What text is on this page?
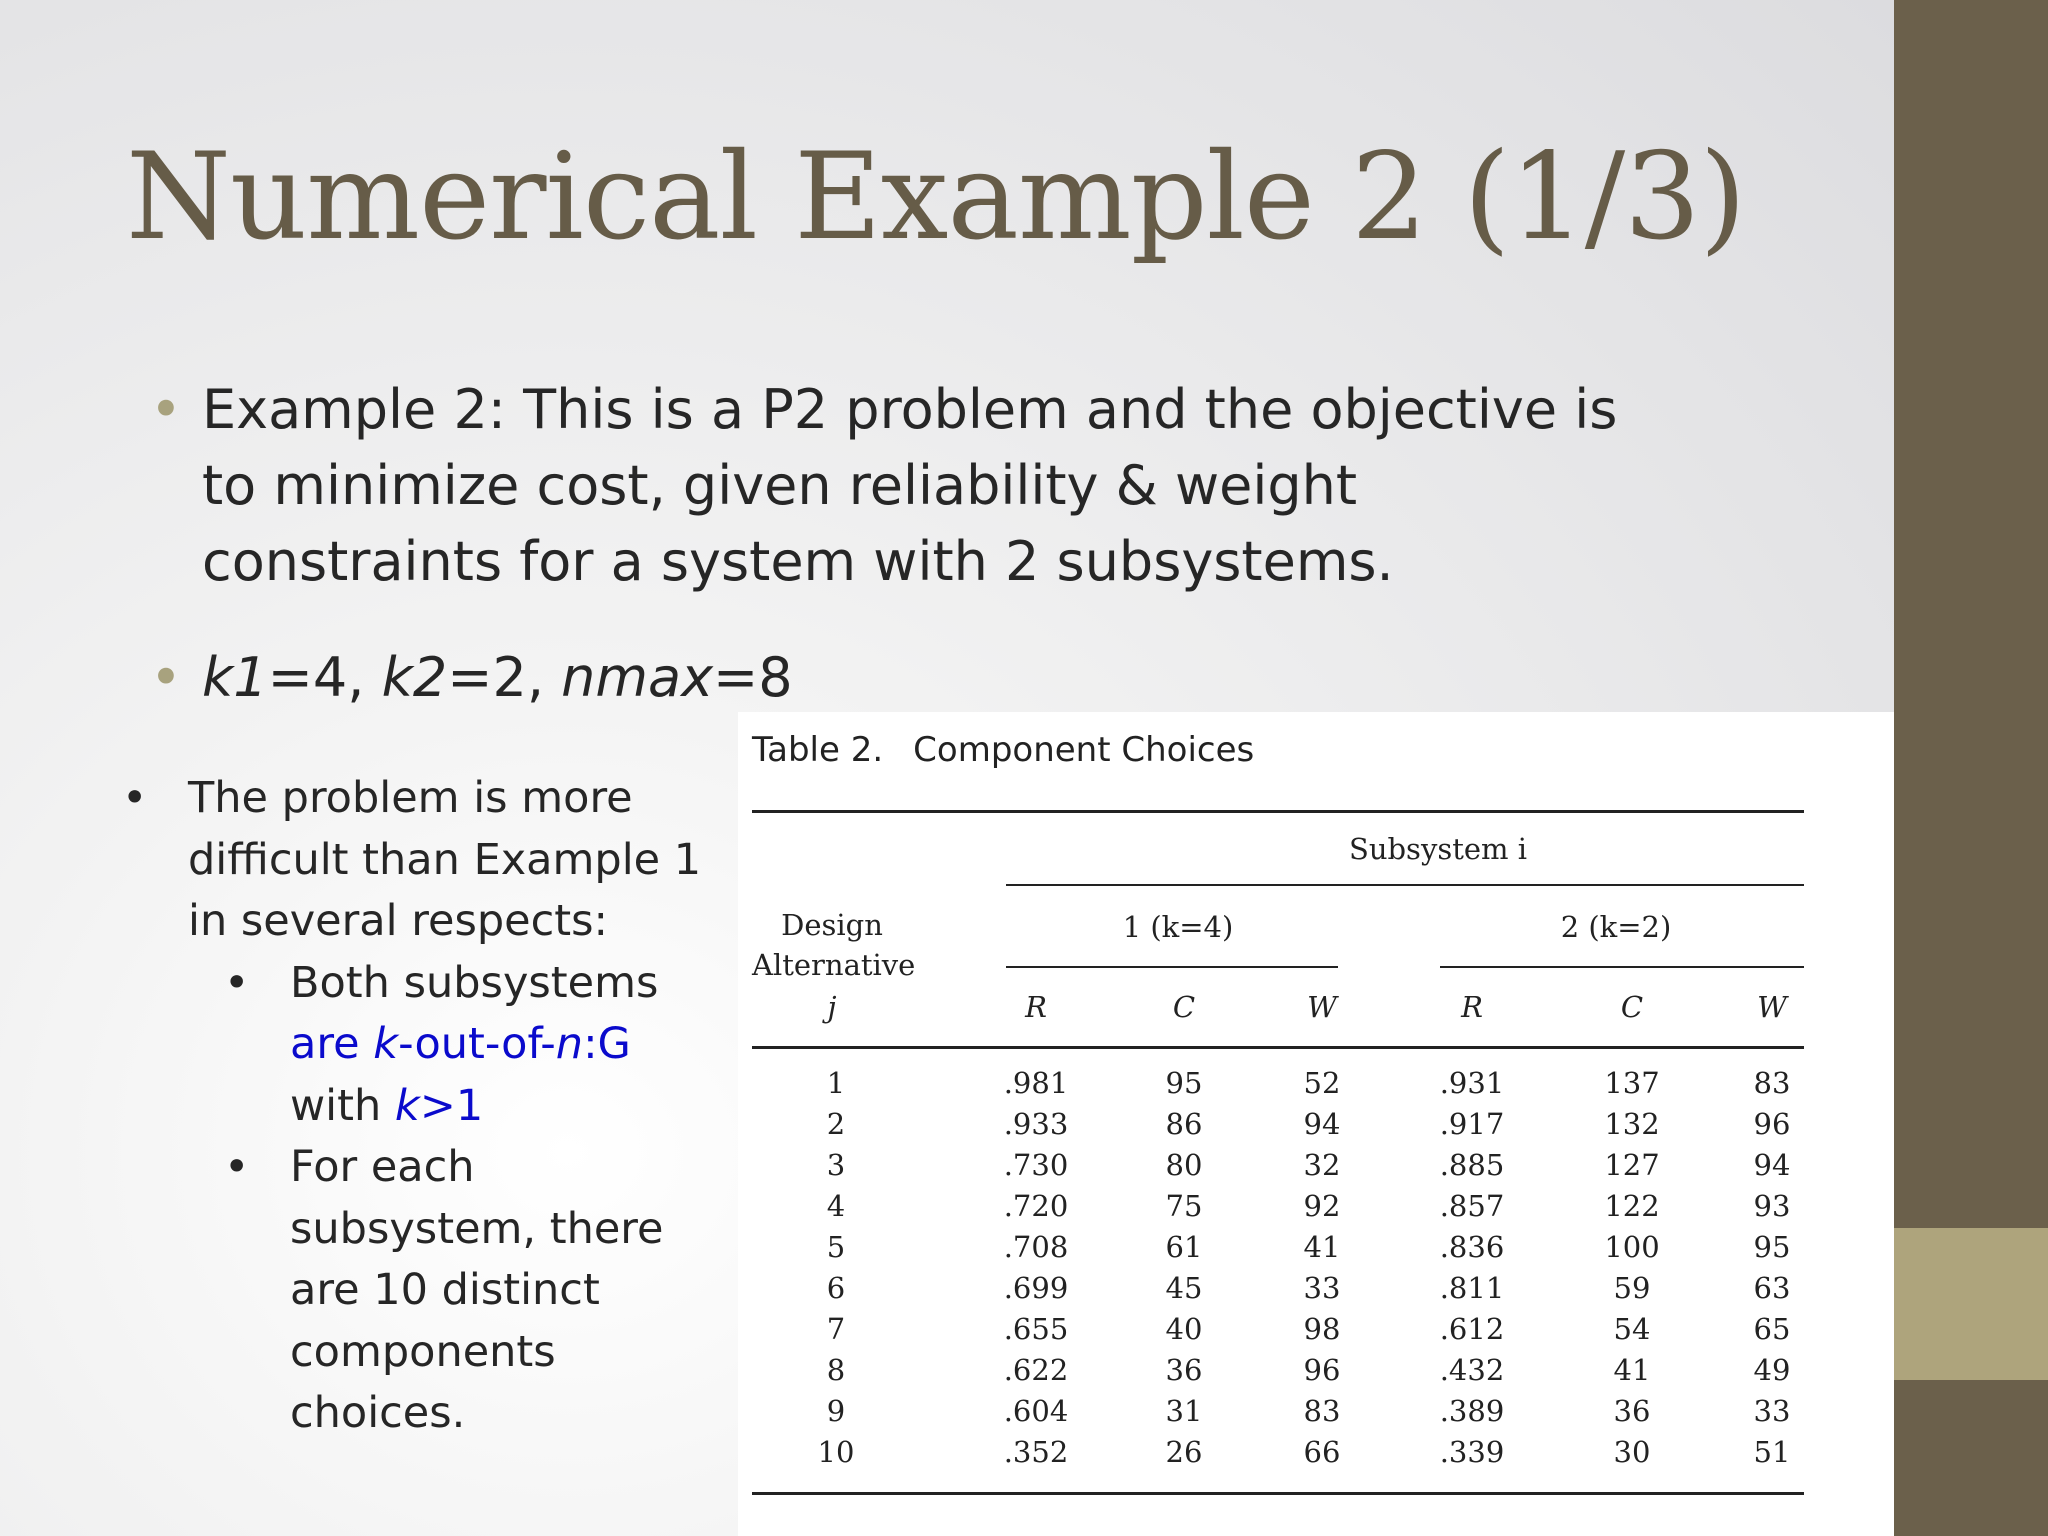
Numerical Example 2 (1/3)
• Example 2: This is a P2 problem and the objective is to minimize cost, given reliability & weight constraints for a system with 2 subsystems.
• k1=4, k2=2, nmax=8
• The problem is more difficult than Example 1 in several respects:
• Both subsystems
are k-out-of-n:G
with k>1
• For each subsystem, there are 10 distinct components choices.
Table 2. Component Choices
Subsystem i
Design
Alternative
j
1 (k=4)	2 (k=2)
R	C	W	R	C	W
1	.981	95	52	.931	137	83
2	.933	86	94	.917	132	96
3	.730	80	32	.885	127	94
4	.720	75	92	.857	122	93
5	.708	61	41	.836	100	95
6	.699	45	33	.811	59	63
7	.655	40	98	.612	54	65
8	.622	36	96	.432	41	49
9	.604	31	83	.389	36	33
10	.352	26	66	.339	30	51
